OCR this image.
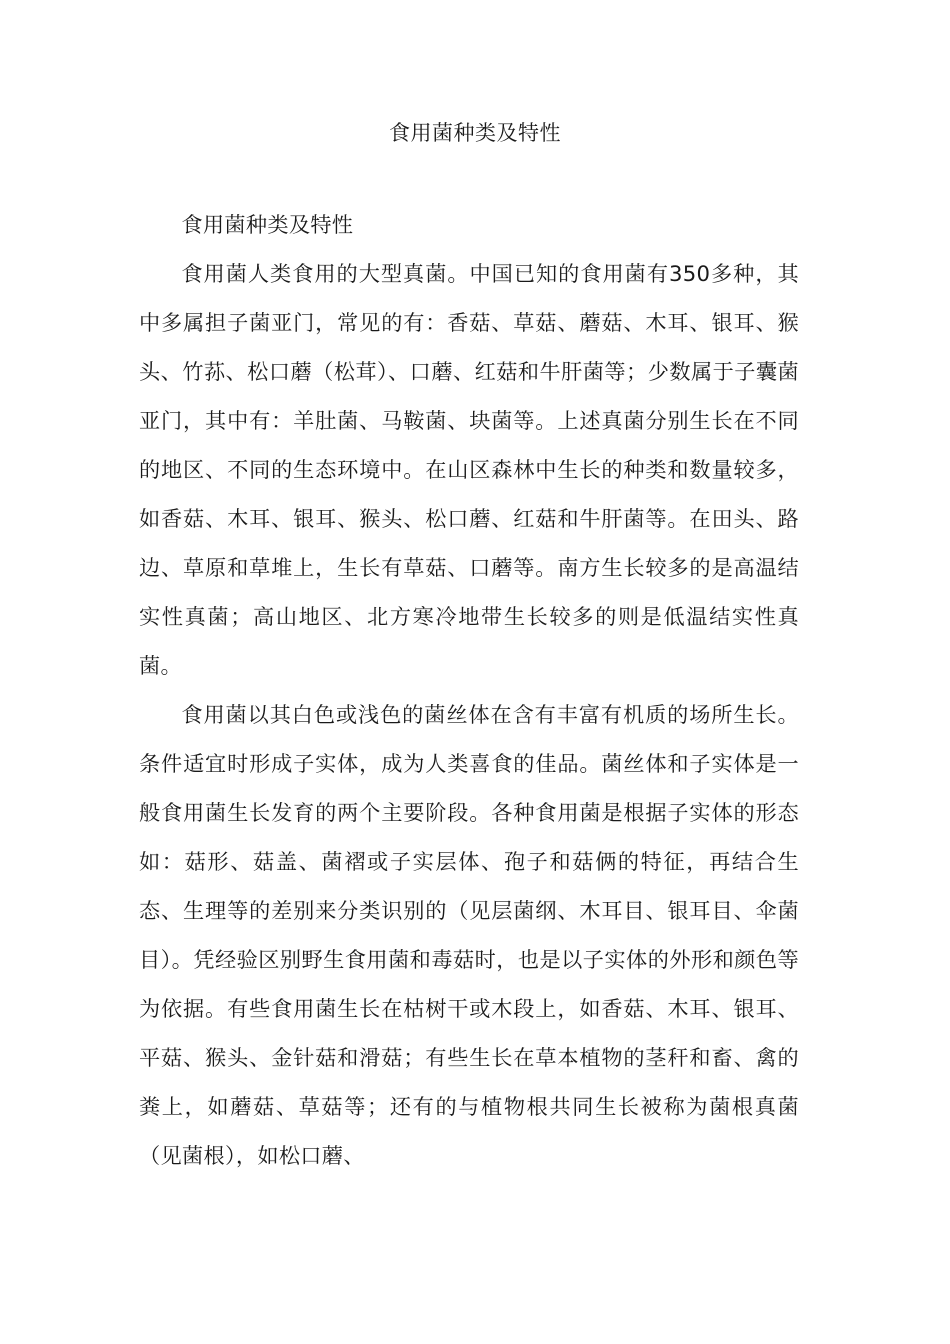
食用菌种类及特性

食用菌种类及特性

食用菌人类食用的大型真菌。中国已知的食用菌有350多种，其中多属担子菌亚门，常见的有：香菇、草菇、蘑菇、木耳、银耳、猴头、竹荪、松口蘑（松茸）、口蘑、红菇和牛肝菌等；少数属于子囊菌亚门，其中有：羊肚菌、马鞍菌、块菌等。上述真菌分别生长在不同的地区、不同的生态环境中。在山区森林中生长的种类和数量较多，如香菇、木耳、银耳、猴头、松口蘑、红菇和牛肝菌等。在田头、路边、草原和草堆上，生长有草菇、口蘑等。南方生长较多的是高温结实性真菌；高山地区、北方寒冷地带生长较多的则是低温结实性真菌。

食用菌以其白色或浅色的菌丝体在含有丰富有机质的场所生长。条件适宜时形成子实体，成为人类喜食的佳品。菌丝体和子实体是一般食用菌生长发育的两个主要阶段。各种食用菌是根据子实体的形态如：菇形、菇盖、菌褶或子实层体、孢子和菇俩的特征，再结合生态、生理等的差别来分类识别的（见层菌纲、木耳目、银耳目、伞菌目）。凭经验区别野生食用菌和毒菇时，也是以子实体的外形和颜色等为依据。有些食用菌生长在枯树干或木段上，如香菇、木耳、银耳、平菇、猴头、金针菇和滑菇；有些生长在草本植物的茎秆和畜、禽的粪上，如蘑菇、草菇等；还有的与植物根共同生长被称为菌根真菌（见菌根），如松口蘑、
